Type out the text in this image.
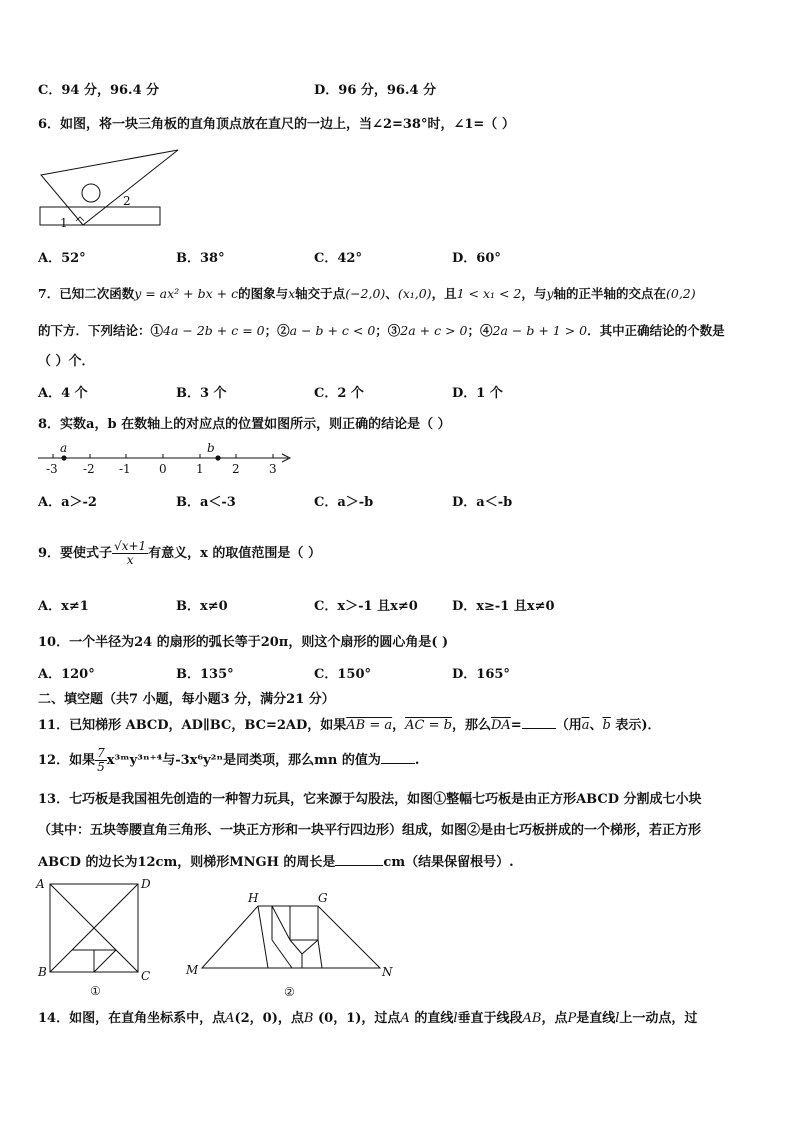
C．94 分，96.4 分	D．96 分，96.4 分
6．如图，将一块三角板的直角顶点放在直尺的一边上，当∠2=38°时，∠1=（ ）
1
2
A．52°	B．38°	C．42°	D．60°
7．已知二次函数y = ax² + bx + c的图象与x轴交于点(−2,0)、(x₁,0)，且1 < x₁ < 2，与y轴的正半轴的交点在(0,2)
的下方．下列结论：①4a − 2b + c = 0；②a − b + c < 0；③2a + c > 0；④2a − b + 1 > 0．其中正确结论的个数是
（ ）个．
A．4 个	B．3 个	C．2 个	D．1 个
8．实数a，b 在数轴上的对应点的位置如图所示，则正确的结论是（ ）
-3 -2 -1 0 1 2 3
a	b
A．a＞-2	B．a＜-3	C．a＞-b	D．a＜-b
9．要使式子 $\frac{√x+1}{x}$ 有意义，x 的取值范围是（ ）
A．x≠1	B．x≠0	C．x＞-1 且x≠0	D．x≥-1 且x≠0
10．一个半径为24 的扇形的弧长等于20π，则这个扇形的圆心角是( )
A．120°	B．135°	C．150°	D．165°
二、填空题（共7 小题，每小题3 分，满分21 分）
11．已知梯形 ABCD，AD∥BC，BC=2AD，如果AB = a，AC = b，那么$\overline{DA}=$	（用$\overline{a}$、$\overline{b}$ 表示)．
12．如果 $\frac{7}{5}$ x³ᵐy³ⁿ⁺⁴与-3x⁶y²ⁿ是同类项，那么mn 的值为	.
13．七巧板是我国祖先创造的一种智力玩具，它来源于勾股法，如图①整幅七巧板是由正方形ABCD 分割成七小块
（其中：五块等腰直角三角形、一块正方形和一块平行四边形）组成，如图②是由七巧板拼成的一个梯形，若正方形
ABCD 的边长为12cm，则梯形MNGH 的周长是	cm（结果保留根号）.
A	D
B	C
①
H	G
M	N
②
14．如图，在直角坐标系中，点A(2，0)，点B (0，1)，过点A 的直线l垂直于线段AB，点P是直线l上一动点，过
